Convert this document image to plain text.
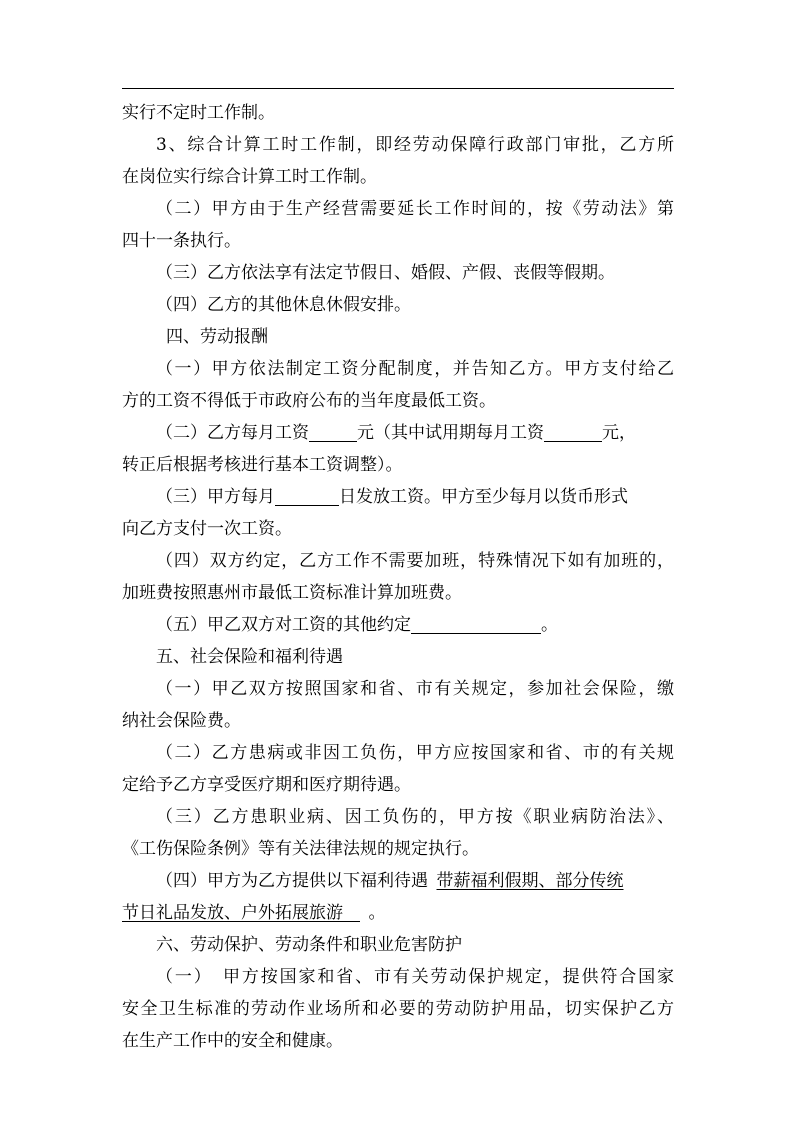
实行不定时工作制。
3、综合计算工时工作制，即经劳动保障行政部门审批，乙方所
在岗位实行综合计算工时工作制。
（二）甲方由于生产经营需要延长工作时间的，按《劳动法》第
四十一条执行。
（三）乙方依法享有法定节假日、婚假、产假、丧假等假期。
（四）乙方的其他休息休假安排。
四、劳动报酬
（一）甲方依法制定工资分配制度，并告知乙方。甲方支付给乙
方的工资不得低于市政府公布的当年度最低工资。
（二）乙方每月工资	元（其中试用期每月工资	元，
转正后根据考核进行基本工资调整）。
（三）甲方每月	日发放工资。甲方至少每月以货币形式
向乙方支付一次工资。
（四）双方约定，乙方工作不需要加班，特殊情况下如有加班的，
加班费按照惠州市最低工资标准计算加班费。
（五）甲乙双方对工资的其他约定	。
五、社会保险和福利待遇
（一）甲乙双方按照国家和省、市有关规定，参加社会保险，缴
纳社会保险费。
（二）乙方患病或非因工负伤，甲方应按国家和省、市的有关规
定给予乙方享受医疗期和医疗期待遇。
（三）乙方患职业病、因工负伤的，甲方按《职业病防治法》、
《工伤保险条例》等有关法律法规的规定执行。
（四）甲方为乙方提供以下福利待遇  带薪福利假期、部分传统
节日礼品发放、户外拓展旅游    。
六、劳动保护、劳动条件和职业危害防护
（一）　甲方按国家和省、市有关劳动保护规定，提供符合国家
安全卫生标准的劳动作业场所和必要的劳动防护用品，切实保护乙方
在生产工作中的安全和健康。
